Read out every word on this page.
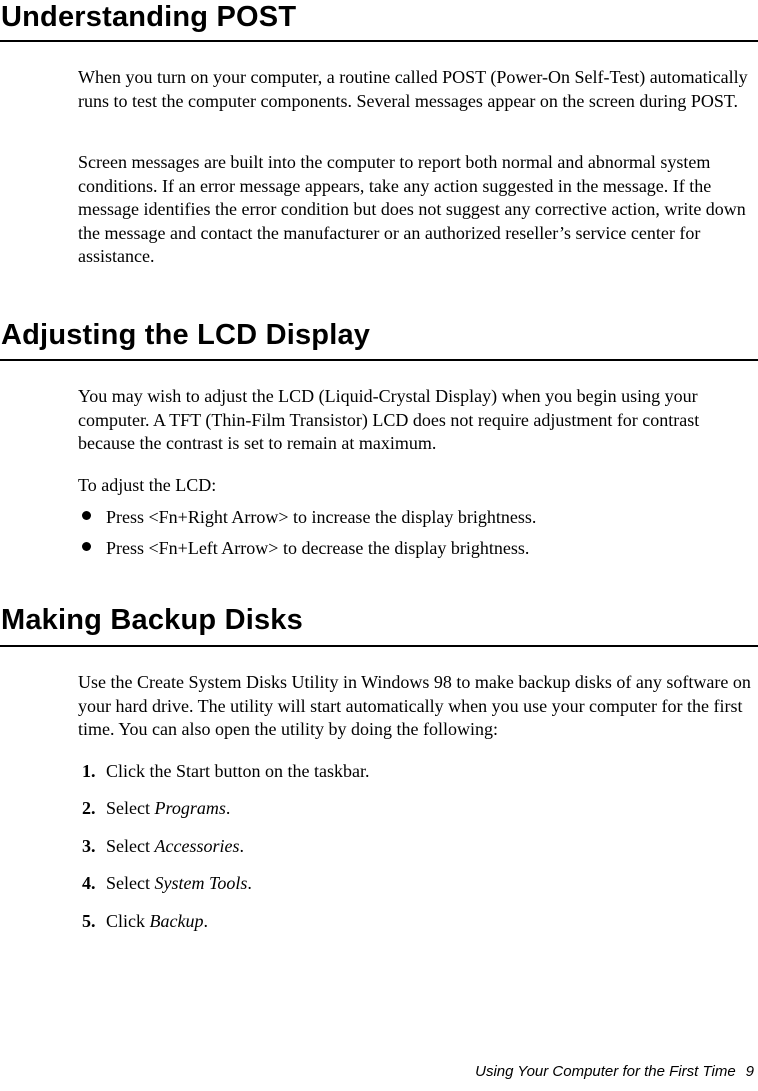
Understanding POST

When you turn on your computer, a routine called POST (Power-On Self-Test) automatically runs to test the computer components. Several messages appear on the screen during POST.

Screen messages are built into the computer to report both normal and abnormal system conditions. If an error message appears, take any action suggested in the message. If the message identifies the error condition but does not suggest any corrective action, write down the message and contact the manufacturer or an authorized reseller’s service center for assistance.

Adjusting the LCD Display

You may wish to adjust the LCD (Liquid-Crystal Display) when you begin using your computer. A TFT (Thin-Film Transistor) LCD does not require adjustment for contrast because the contrast is set to remain at maximum.

To adjust the LCD:

Press <Fn+Right Arrow> to increase the display brightness.
Press <Fn+Left Arrow> to decrease the display brightness.
Making Backup Disks

Use the Create System Disks Utility in Windows 98 to make backup disks of any software on your hard drive. The utility will start automatically when you use your computer for the first time. You can also open the utility by doing the following:

1. Click the Start button on the taskbar.
2. Select Programs.
3. Select Accessories.
4. Select System Tools.
5. Click Backup.
Using Your Computer for the First Time 9
